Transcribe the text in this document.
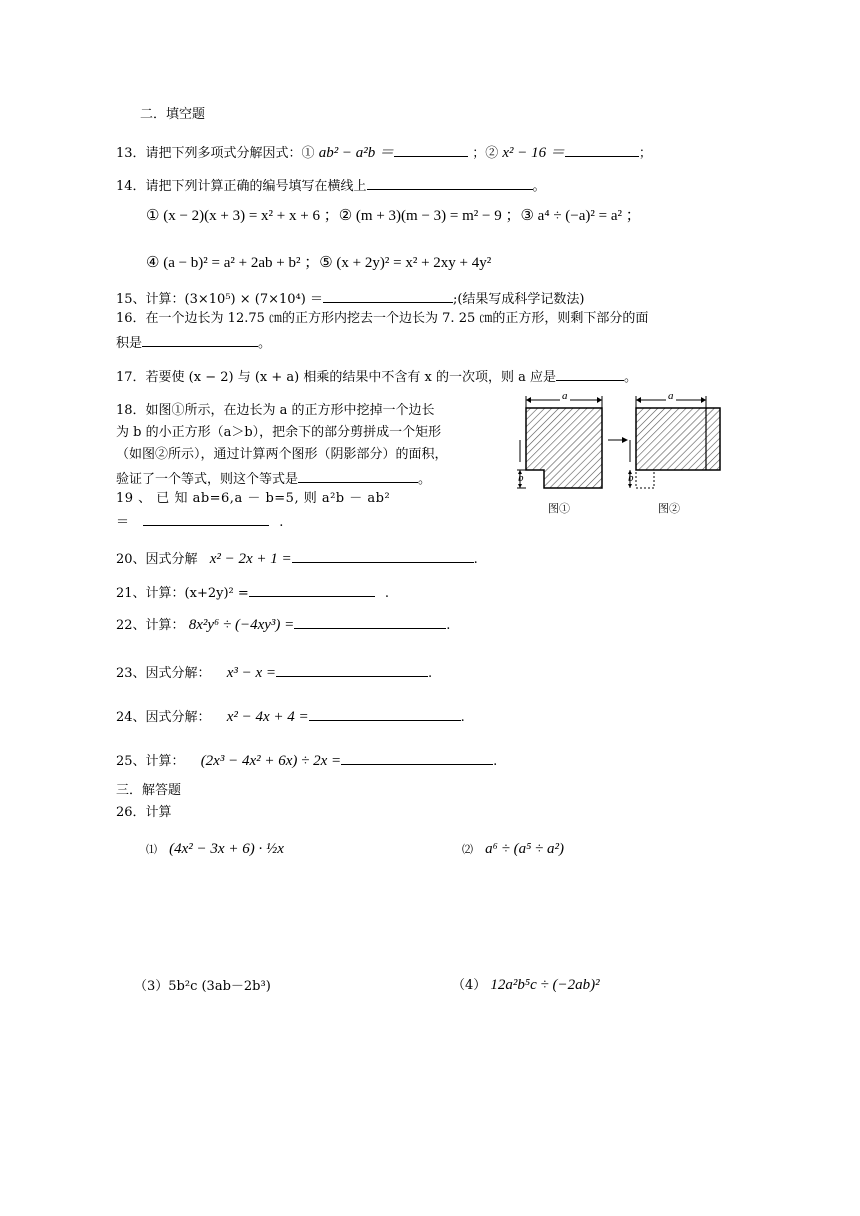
二．填空题
13．请把下列多项式分解因式：① ab² − a²b ＝	；② x² − 16 ＝	；
14．请把下列计算正确的编号填写在横线上	。
① (x − 2)(x + 3) = x² + x + 6 ；② (m + 3)(m − 3) = m² − 9 ；③ a⁴ ÷ (−a)² = a² ；
④ (a − b)² = a² + 2ab + b² ；⑤ (x + 2y)² = x² + 2xy + 4y²
15、计算：(3×10⁵) × (7×10⁴) ＝	;(结果写成科学记数法)
16．在一个边长为 12.75 ㎝的正方形内挖去一个边长为 7. 25 ㎝的正方形，则剩下部分的面
积是	。
17．若要使 (x − 2) 与 (x + a) 相乘的结果中不含有 x 的一次项，则 a 应是	。
18．如图①所示，在边长为 a 的正方形中挖掉一个边长
为 b 的小正方形（a＞b），把余下的部分剪拼成一个矩形
（如图②所示），通过计算两个图形（阴影部分）的面积，
验证了一个等式，则这个等式是	。
19 、 已 知 ab=6,a － b=5, 则 a²b － ab²
＝	.
a
b
图①
a
b
图②
20、因式分解 x² − 2x + 1 =	.
21、计算：(x+2y)² =	.
22、计算： 8x²y⁶ ÷ (−4xy³) =	.
23、因式分解： x³ − x =	.
24、因式分解： x² − 4x + 4 =	.
25、计算： (2x³ − 4x² + 6x) ÷ 2x =	.
三．解答题
26．计算
⑴ (4x² − 3x + 6) · ½x	⑵ a⁶ ÷ (a⁵ ÷ a²)
（3）5b²c (3ab－2b³)	（4） 12a²b⁵c ÷ (−2ab)²
